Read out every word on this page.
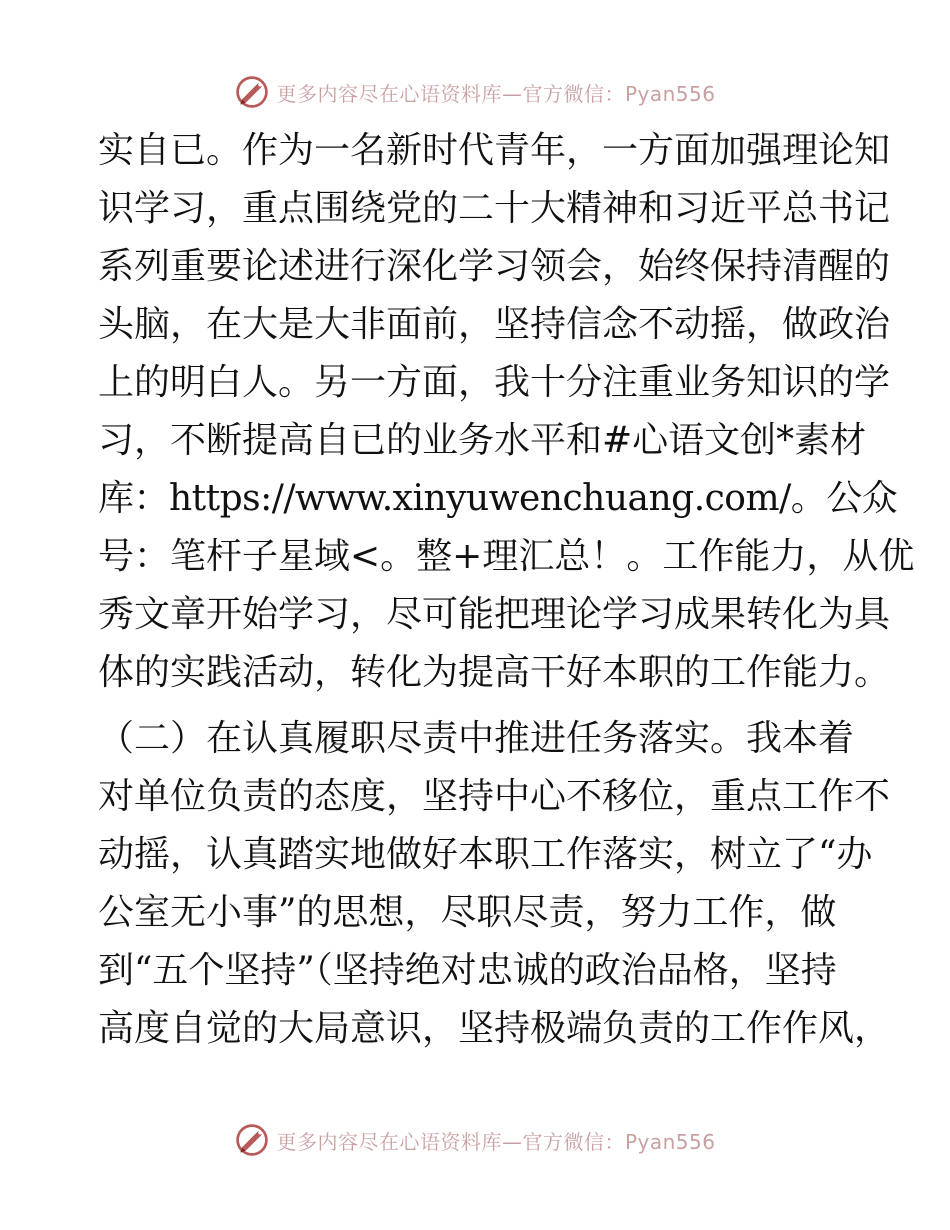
更多内容尽在心语资料库—官方微信：Pyan556
实自已。作为一名新时代青年，一方面加强理论知
识学习，重点围绕党的二十大精神和习近平总书记
系列重要论述进行深化学习领会，始终保持清醒的
头脑，在大是大非面前，坚持信念不动摇，做政治
上的明白人。另一方面，我十分注重业务知识的学
习，不断提高自已的业务水平和#心语文创*素材
库：https://www.xinyuwenchuang.com/。公众
号：笔杆子星域<。整+理汇总！。工作能力，从优
秀文章开始学习，尽可能把理论学习成果转化为具
体的实践活动，转化为提高干好本职的工作能力。
（二）在认真履职尽责中推进任务落实。我本着
对单位负责的态度，坚持中心不移位，重点工作不
动摇，认真踏实地做好本职工作落实，树立了“办
公室无小事”的思想，尽职尽责，努力工作，做
到“五个坚持”（坚持绝对忠诚的政治品格，坚持
高度自觉的大局意识，坚持极端负责的工作作风，
更多内容尽在心语资料库—官方微信：Pyan556
